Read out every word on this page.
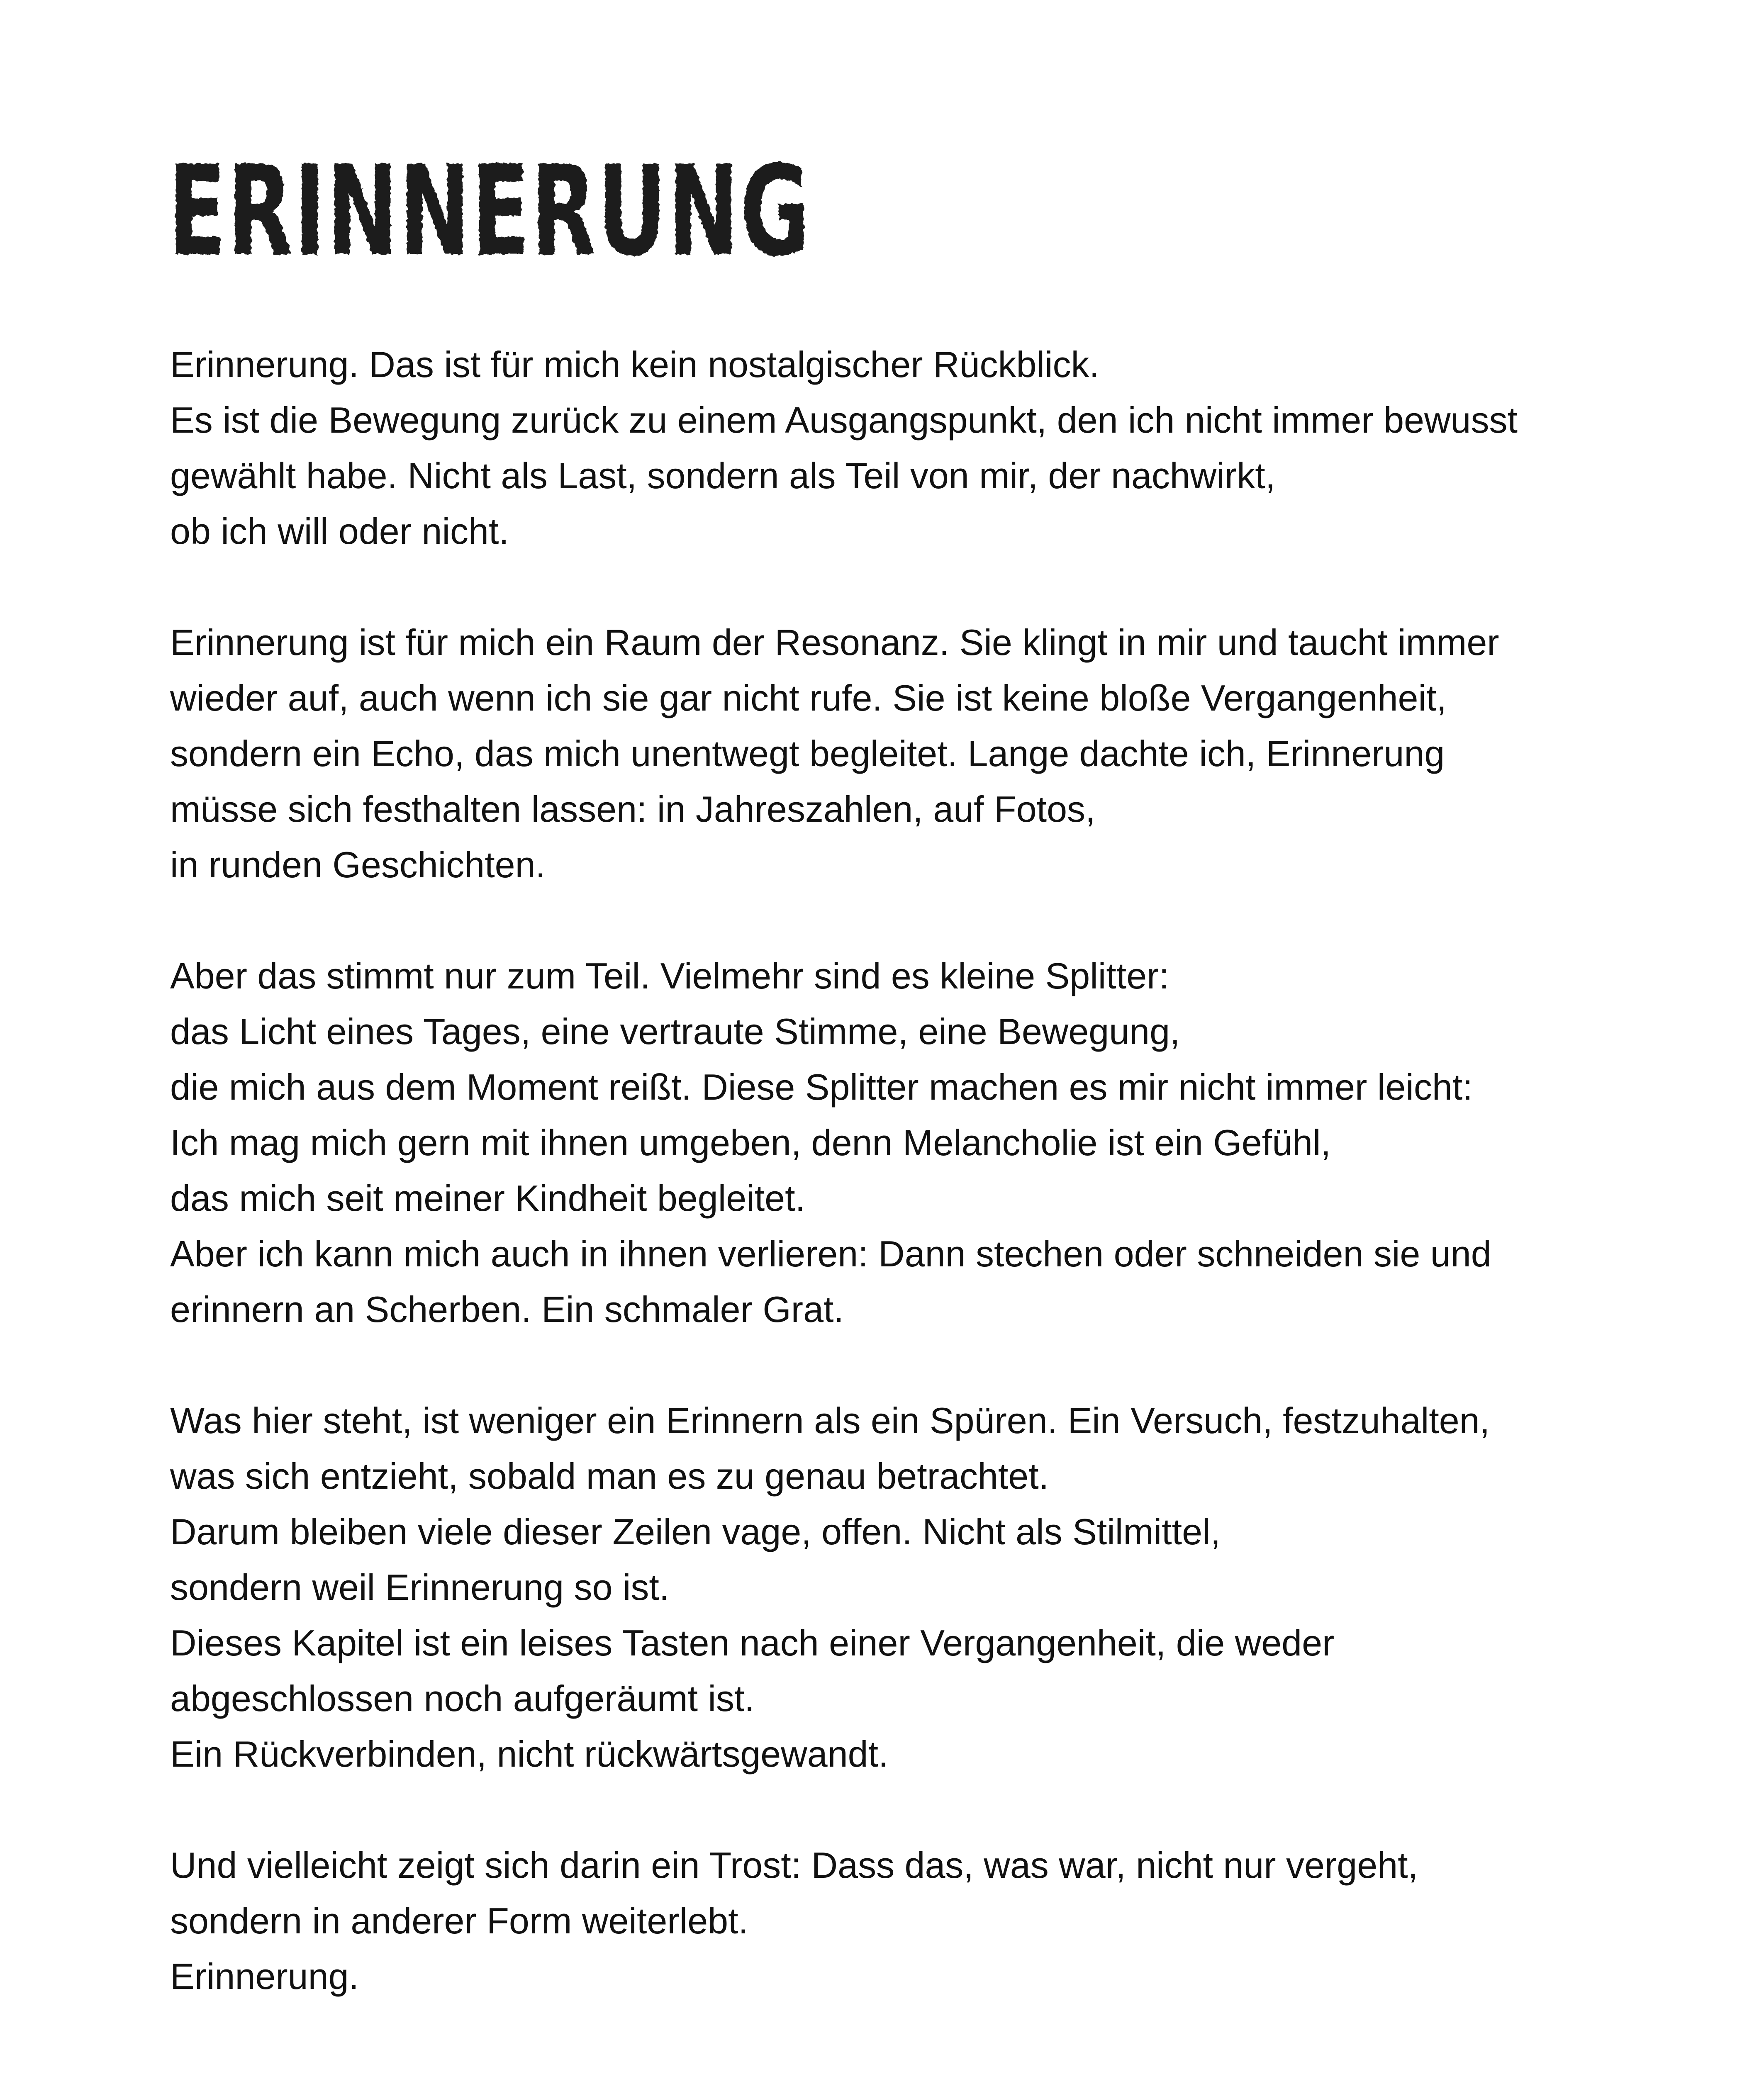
ERINNERUNG
Erinnerung. Das ist für mich kein nostalgischer Rückblick.
Es ist die Bewegung zurück zu einem Ausgangspunkt, den ich nicht immer bewusst
gewählt habe. Nicht als Last, sondern als Teil von mir, der nachwirkt,
ob ich will oder nicht.
Erinnerung ist für mich ein Raum der Resonanz. Sie klingt in mir und taucht immer
wieder auf, auch wenn ich sie gar nicht rufe. Sie ist keine bloße Vergangenheit,
sondern ein Echo, das mich unentwegt begleitet. Lange dachte ich, Erinnerung
müsse sich festhalten lassen: in Jahreszahlen, auf Fotos,
in runden Geschichten.
Aber das stimmt nur zum Teil. Vielmehr sind es kleine Splitter:
das Licht eines Tages, eine vertraute Stimme, eine Bewegung,
die mich aus dem Moment reißt. Diese Splitter machen es mir nicht immer leicht:
Ich mag mich gern mit ihnen umgeben, denn Melancholie ist ein Gefühl,
das mich seit meiner Kindheit begleitet.
Aber ich kann mich auch in ihnen verlieren: Dann stechen oder schneiden sie und
erinnern an Scherben. Ein schmaler Grat.
Was hier steht, ist weniger ein Erinnern als ein Spüren. Ein Versuch, festzuhalten,
was sich entzieht, sobald man es zu genau betrachtet.
Darum bleiben viele dieser Zeilen vage, offen. Nicht als Stilmittel,
sondern weil Erinnerung so ist.
Dieses Kapitel ist ein leises Tasten nach einer Vergangenheit, die weder
abgeschlossen noch aufgeräumt ist.
Ein Rückverbinden, nicht rückwärtsgewandt.
Und vielleicht zeigt sich darin ein Trost: Dass das, was war, nicht nur vergeht,
sondern in anderer Form weiterlebt.
Erinnerung.
